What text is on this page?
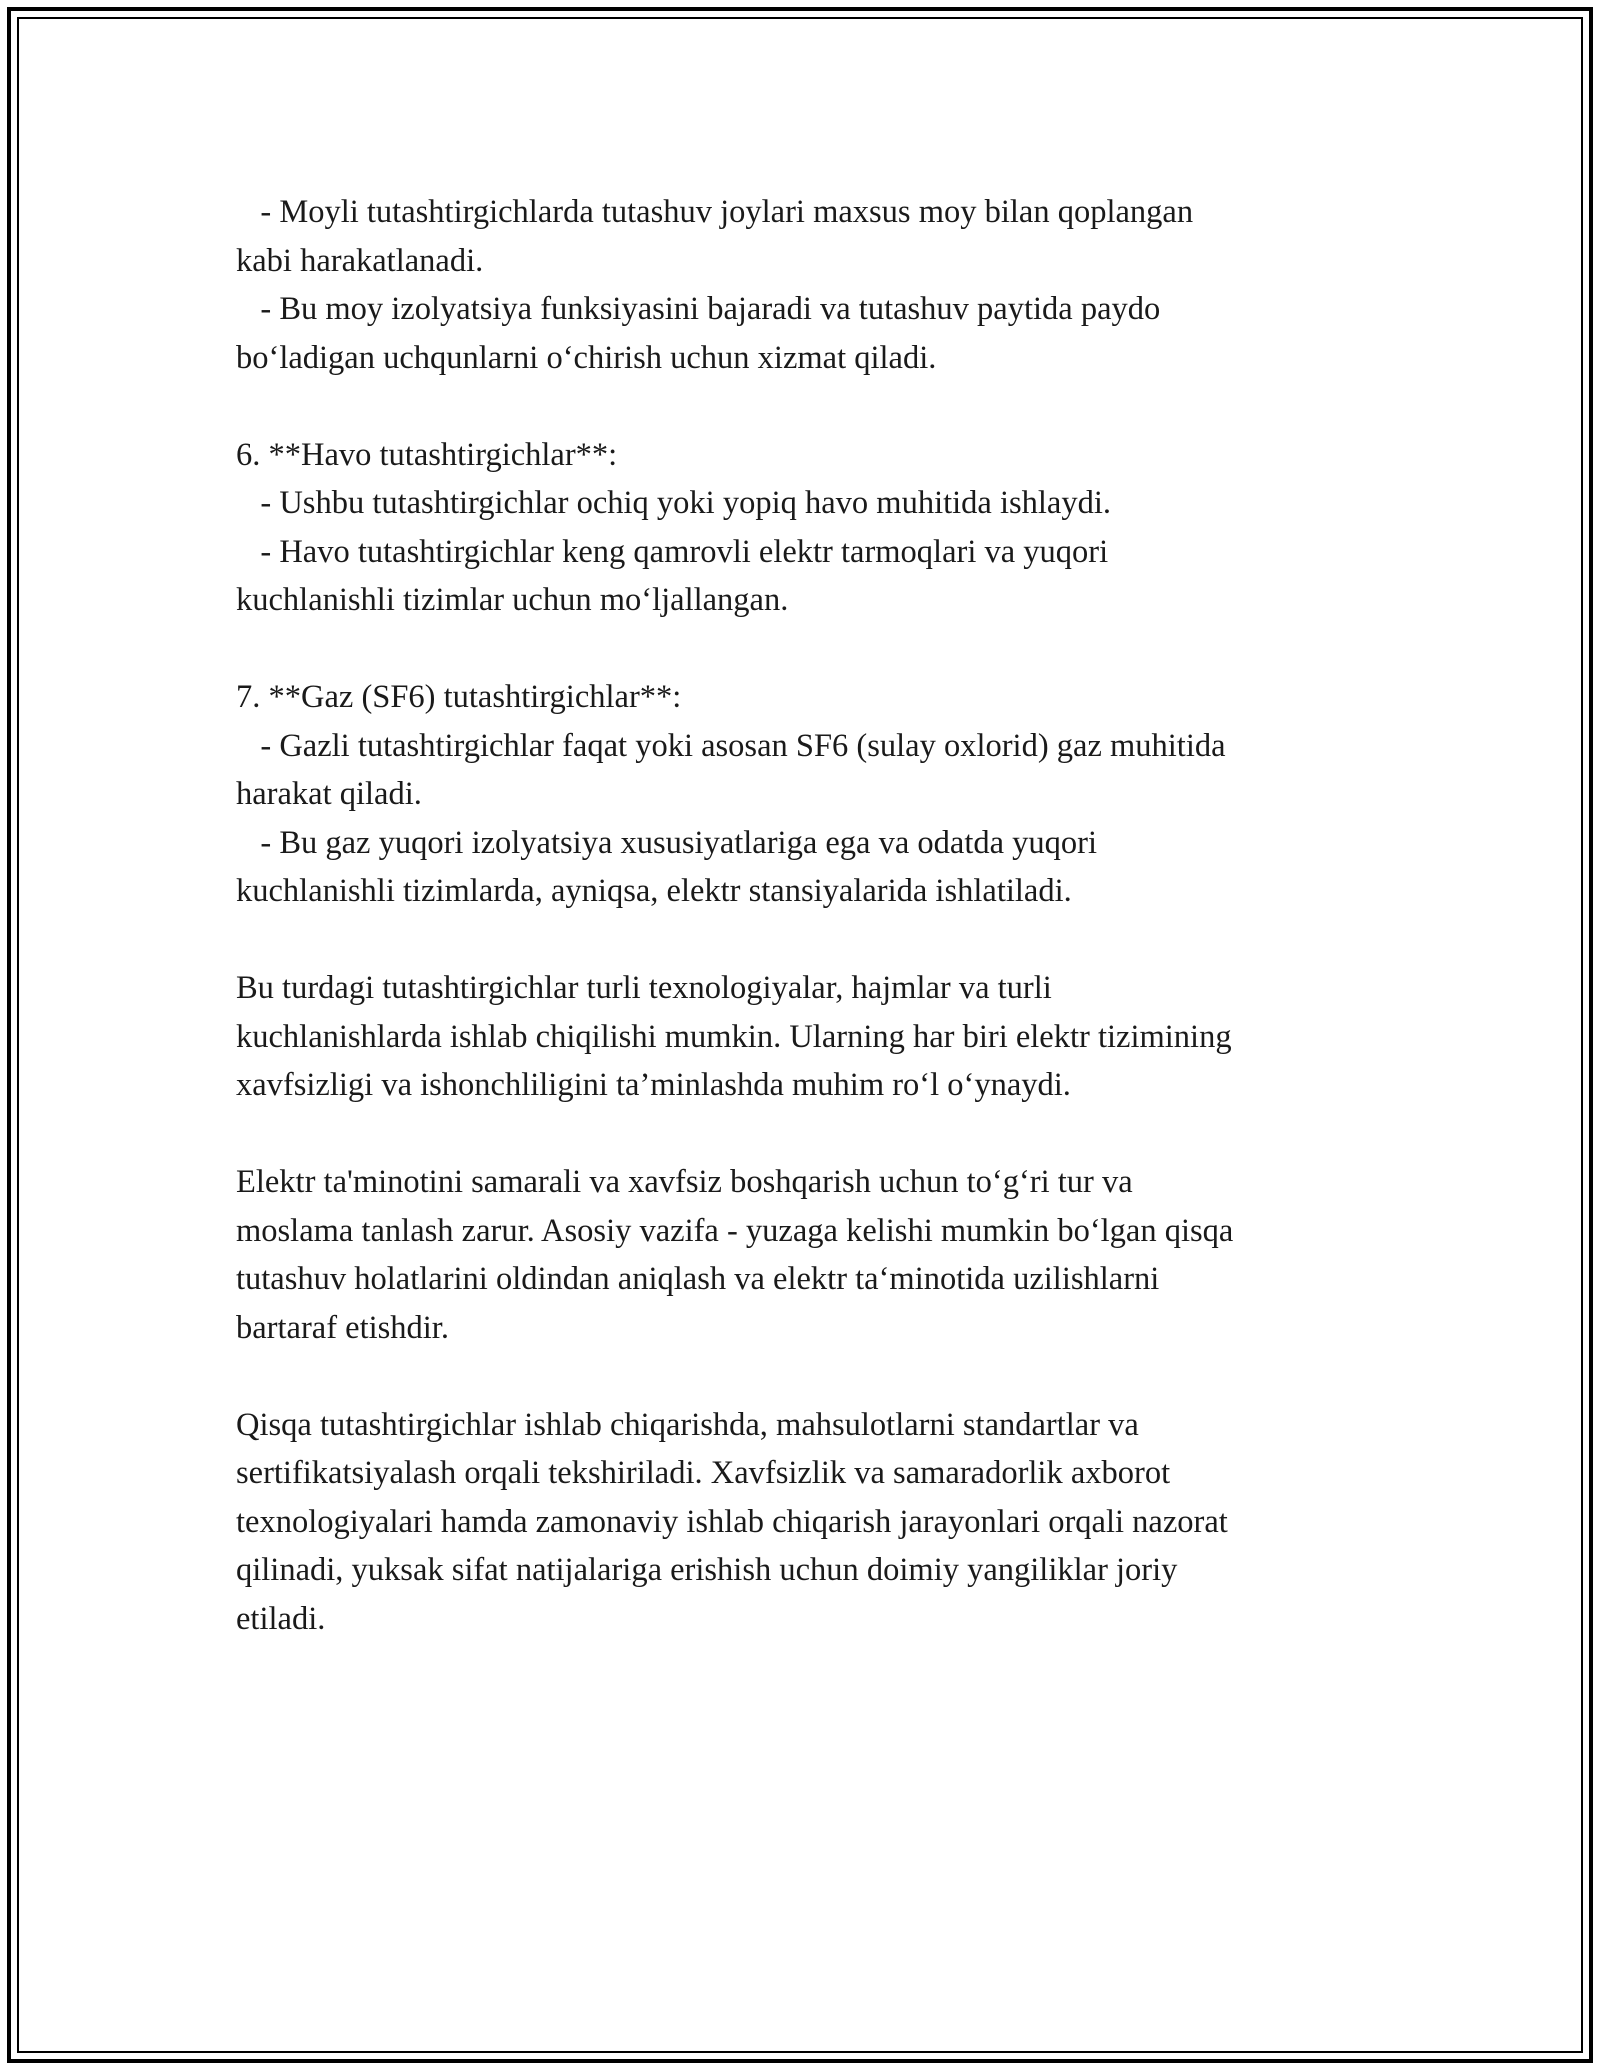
- Moyli tutashtirgichlarda tutashuv joylari maxsus moy bilan qoplangan
kabi harakatlanadi.
- Bu moy izolyatsiya funksiyasini bajaradi va tutashuv paytida paydo
bo‘ladigan uchqunlarni o‘chirish uchun xizmat qiladi.

6. **Havo tutashtirgichlar**:
- Ushbu tutashtirgichlar ochiq yoki yopiq havo muhitida ishlaydi.
- Havo tutashtirgichlar keng qamrovli elektr tarmoqlari va yuqori
kuchlanishli tizimlar uchun mo‘ljallangan.

7. **Gaz (SF6) tutashtirgichlar**:
- Gazli tutashtirgichlar faqat yoki asosan SF6 (sulay oxlorid) gaz muhitida
harakat qiladi.
- Bu gaz yuqori izolyatsiya xususiyatlariga ega va odatda yuqori
kuchlanishli tizimlarda, ayniqsa, elektr stansiyalarida ishlatiladi.

Bu turdagi tutashtirgichlar turli texnologiyalar, hajmlar va turli
kuchlanishlarda ishlab chiqilishi mumkin. Ularning har biri elektr tizimining
xavfsizligi va ishonchliligini ta’minlashda muhim ro‘l o‘ynaydi.

Elektr ta'minotini samarali va xavfsiz boshqarish uchun to‘g‘ri tur va
moslama tanlash zarur. Asosiy vazifa - yuzaga kelishi mumkin bo‘lgan qisqa
tutashuv holatlarini oldindan aniqlash va elektr ta‘minotida uzilishlarni
bartaraf etishdir.

Qisqa tutashtirgichlar ishlab chiqarishda, mahsulotlarni standartlar va
sertifikatsiyalash orqali tekshiriladi. Xavfsizlik va samaradorlik axborot
texnologiyalari hamda zamonaviy ishlab chiqarish jarayonlari orqali nazorat
qilinadi, yuksak sifat natijalariga erishish uchun doimiy yangiliklar joriy
etiladi.
